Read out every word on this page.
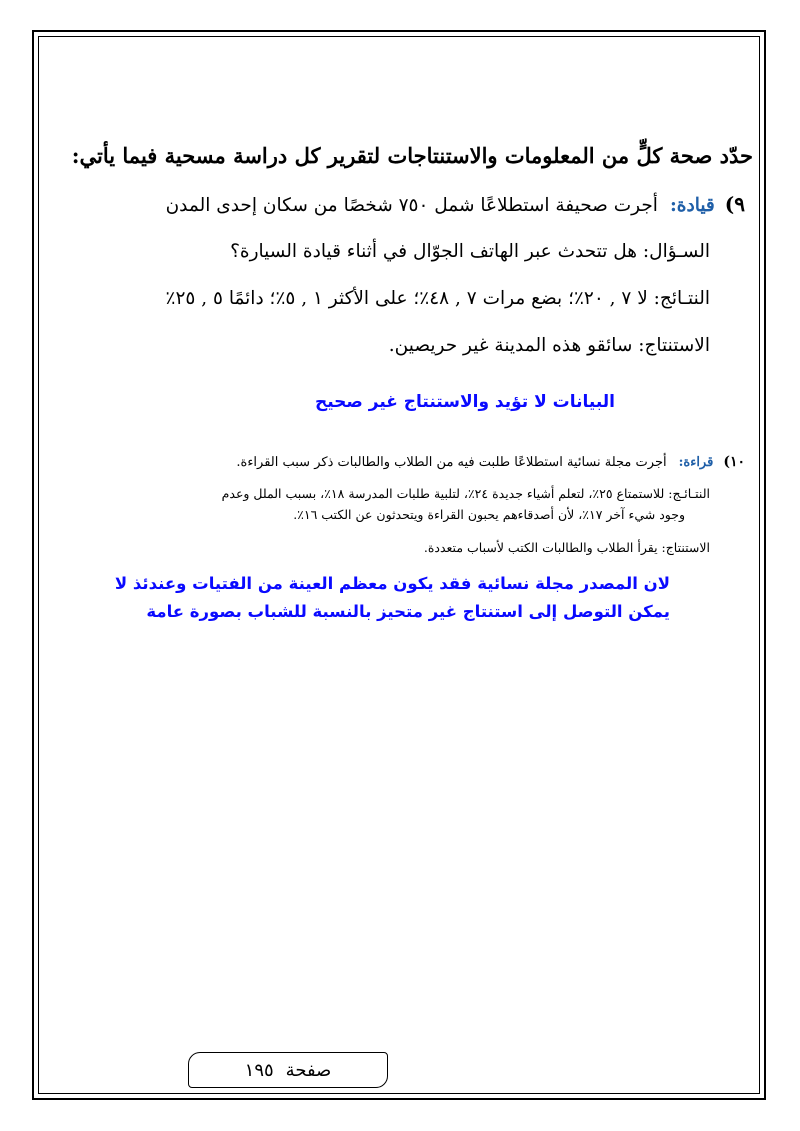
حدّد صحة كلٍّ من المعلومات والاستنتاجات لتقرير كل دراسة مسحية فيما يأتي:
٩)قيادة:أجرت صحيفة استطلاعًا شمل ٧٥٠ شخصًا من سكان إحدى المدن
السـؤال: هل تتحدث عبر الهاتف الجوّال في أثناء قيادة السيارة؟
النتـائج: لا ٧ , ٢٠٪؛ بضع مرات ٧ , ٤٨٪؛ على الأكثر ١ , ٥٪؛ دائمًا ٥ , ٢٥٪
الاستنتاج: سائقو هذه المدينة غير حريصين.
البيانات لا تؤيد والاستنتاج غير صحيح
١٠)قراءة:أجرت مجلة نسائية استطلاعًا طلبت فيه من الطلاب والطالبات ذكر سبب القراءة.
النتـائـج: للاستمتاع ٢٥٪، لتعلم أشياء جديدة ٢٤٪، لتلبية طلبات المدرسة ١٨٪، بسبب الملل وعدم
وجود شيء آخر ١٧٪، لأن أصدقاءهم يحبون القراءة ويتحدثون عن الكتب ١٦٪.
الاستنتاج: يقرأ الطلاب والطالبات الكتب لأسباب متعددة.
لان المصدر مجلة نسائية فقد يكون معظم العينة من الفتيات وعندئذ لا يمكن التوصل إلى استنتاج غير متحيز بالنسبة للشباب بصورة عامة
صفحة
١٩٥
